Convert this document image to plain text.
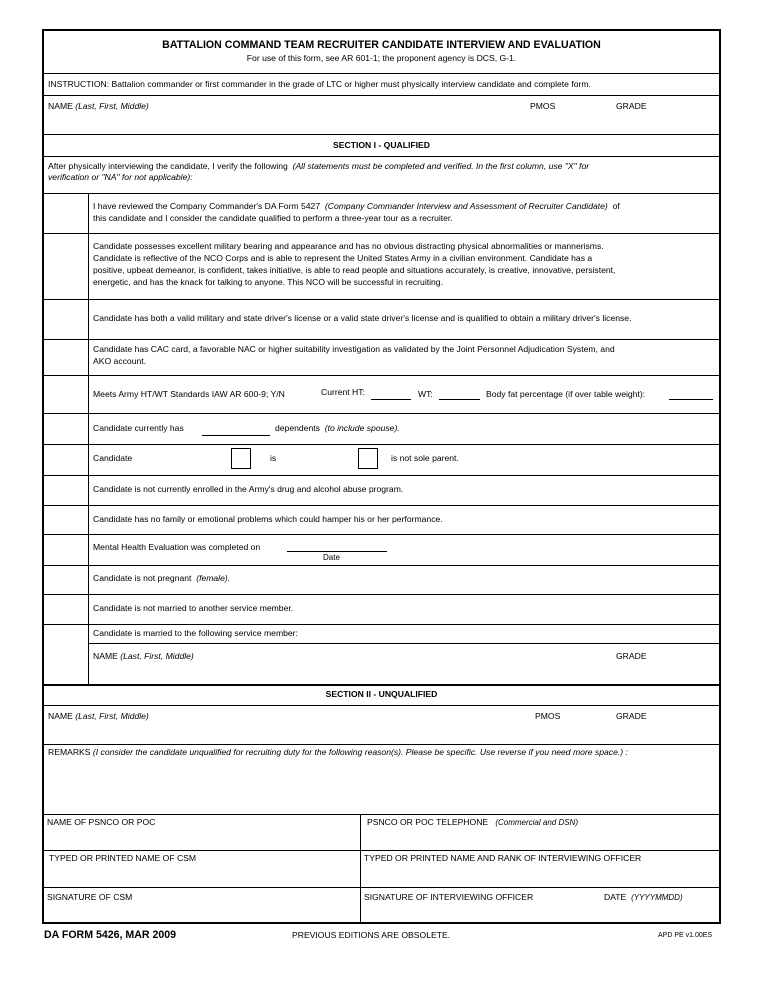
BATTALION COMMAND TEAM RECRUITER CANDIDATE INTERVIEW AND EVALUATION
For use of this form, see AR 601-1; the proponent agency is DCS, G-1.
INSTRUCTION: Battalion commander or first commander in the grade of LTC or higher must physically interview candidate and complete form.
NAME (Last, First, Middle)	PMOS	GRADE
SECTION I - QUALIFIED
After physically interviewing the candidate, I verify the following (All statements must be completed and verified. In the first column, use "X" for
verification or "NA" for not applicable):
I have reviewed the Company Commander's DA Form 5427 (Company Commander Interview and Assessment of Recruiter Candidate) of
this candidate and I consider the candidate qualified to perform a three-year tour as a recruiter.
Candidate possesses excellent military bearing and appearance and has no obvious distracting physical abnormalities or mannerisms.
Candidate is reflective of the NCO Corps and is able to represent the United States Army in a civilian environment. Candidate has a
positive, upbeat demeanor, is confident, takes initiative, is able to read people and situations accurately, is creative, innovative, persistent,
energetic, and has the knack for talking to anyone. This NCO will be successful in recruiting.
Candidate has both a valid military and state driver's license or a valid state driver's license and is qualified to obtain a military driver's license.
Candidate has CAC card, a favorable NAC or higher suitability investigation as validated by the Joint Personnel Adjudication System, and
AKO account.
Meets Army HT/WT Standards IAW AR 600-9; Y/N	Current HT:	WT:	Body fat percentage (if over table weight):
Candidate currently has	dependents (to include spouse).
Candidate	is	is not sole parent.
Candidate is not currently enrolled in the Army's drug and alcohol abuse program.
Candidate has no family or emotional problems which could hamper his or her performance.
Mental Health Evaluation was completed on
Date
Candidate is not pregnant (female).
Candidate is not married to another service member.
Candidate is married to the following service member:
NAME (Last, First, Middle)	GRADE
SECTION II - UNQUALIFIED
NAME (Last, First, Middle)	PMOS	GRADE
REMARKS (I consider the candidate unqualified for recruiting duty for the following reason(s). Please be specific. Use reverse if you need more space.) :
NAME OF PSNCO OR POC	PSNCO OR POC TELEPHONE (Commercial and DSN)
TYPED OR PRINTED NAME OF CSM	TYPED OR PRINTED NAME AND RANK OF INTERVIEWING OFFICER
SIGNATURE OF CSM	SIGNATURE OF INTERVIEWING OFFICER	DATE (YYYYMMDD)
DA FORM 5426, MAR 2009	PREVIOUS EDITIONS ARE OBSOLETE.	APD PE v1.00ES
